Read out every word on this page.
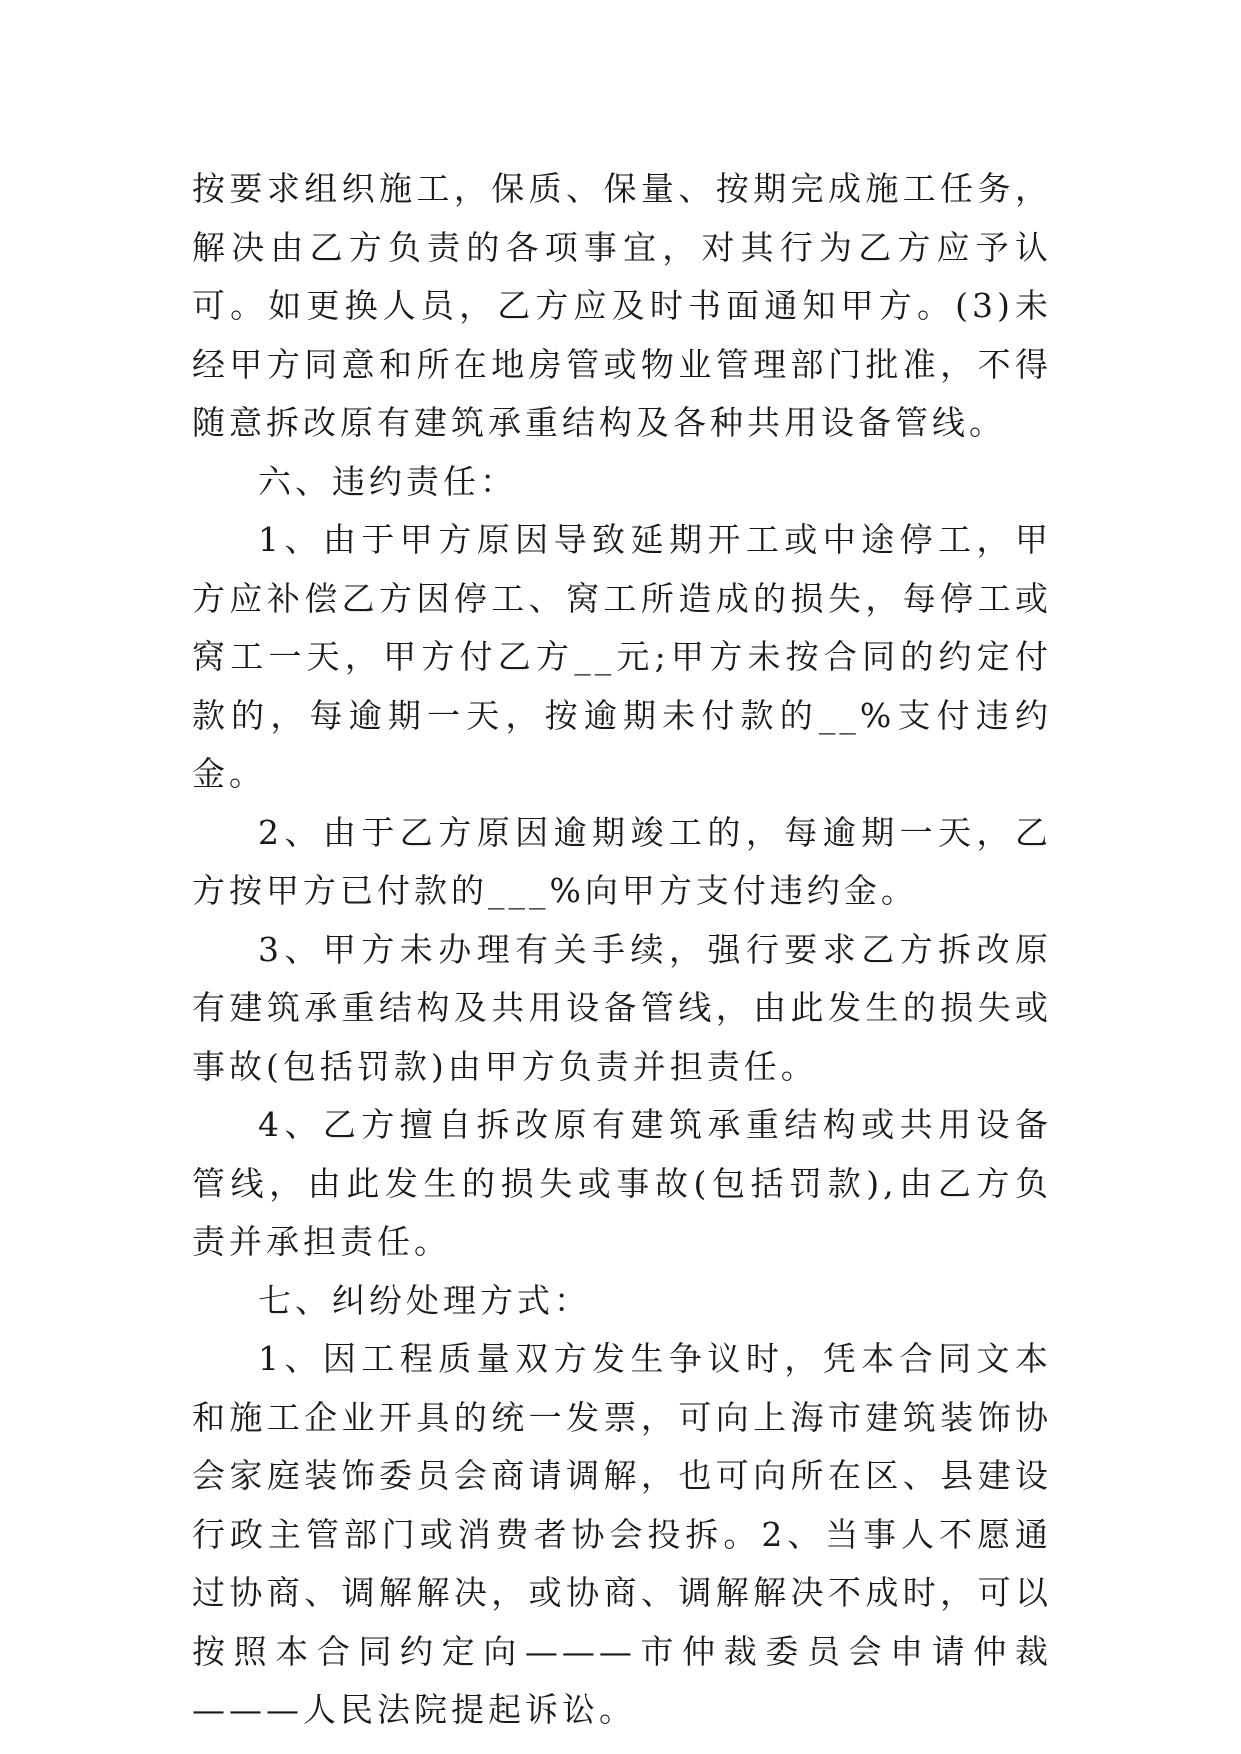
按要求组织施工，保质、保量、按期完成施工任务，解决由乙方负责的各项事宜，对其行为乙方应予认可。如更换人员，乙方应及时书面通知甲方。(3)未经甲方同意和所在地房管或物业管理部门批准，不得随意拆改原有建筑承重结构及各种共用设备管线。

六、违约责任：

1、由于甲方原因导致延期开工或中途停工，甲方应补偿乙方因停工、窝工所造成的损失，每停工或窝工一天，甲方付乙方__元;甲方未按合同的约定付款的，每逾期一天，按逾期未付款的__%支付违约金。

2、由于乙方原因逾期竣工的，每逾期一天，乙方按甲方已付款的___%向甲方支付违约金。

3、甲方未办理有关手续，强行要求乙方拆改原有建筑承重结构及共用设备管线，由此发生的损失或事故(包括罚款)由甲方负责并担责任。

4、乙方擅自拆改原有建筑承重结构或共用设备管线，由此发生的损失或事故(包括罚款),由乙方负责并承担责任。

七、纠纷处理方式：

1、因工程质量双方发生争议时，凭本合同文本和施工企业开具的统一发票，可向上海市建筑装饰协会家庭装饰委员会商请调解，也可向所在区、县建设行政主管部门或消费者协会投拆。2、当事人不愿通过协商、调解解决，或协商、调解解决不成时，可以按照本合同约定向———市仲裁委员会申请仲裁———人民法院提起诉讼。
